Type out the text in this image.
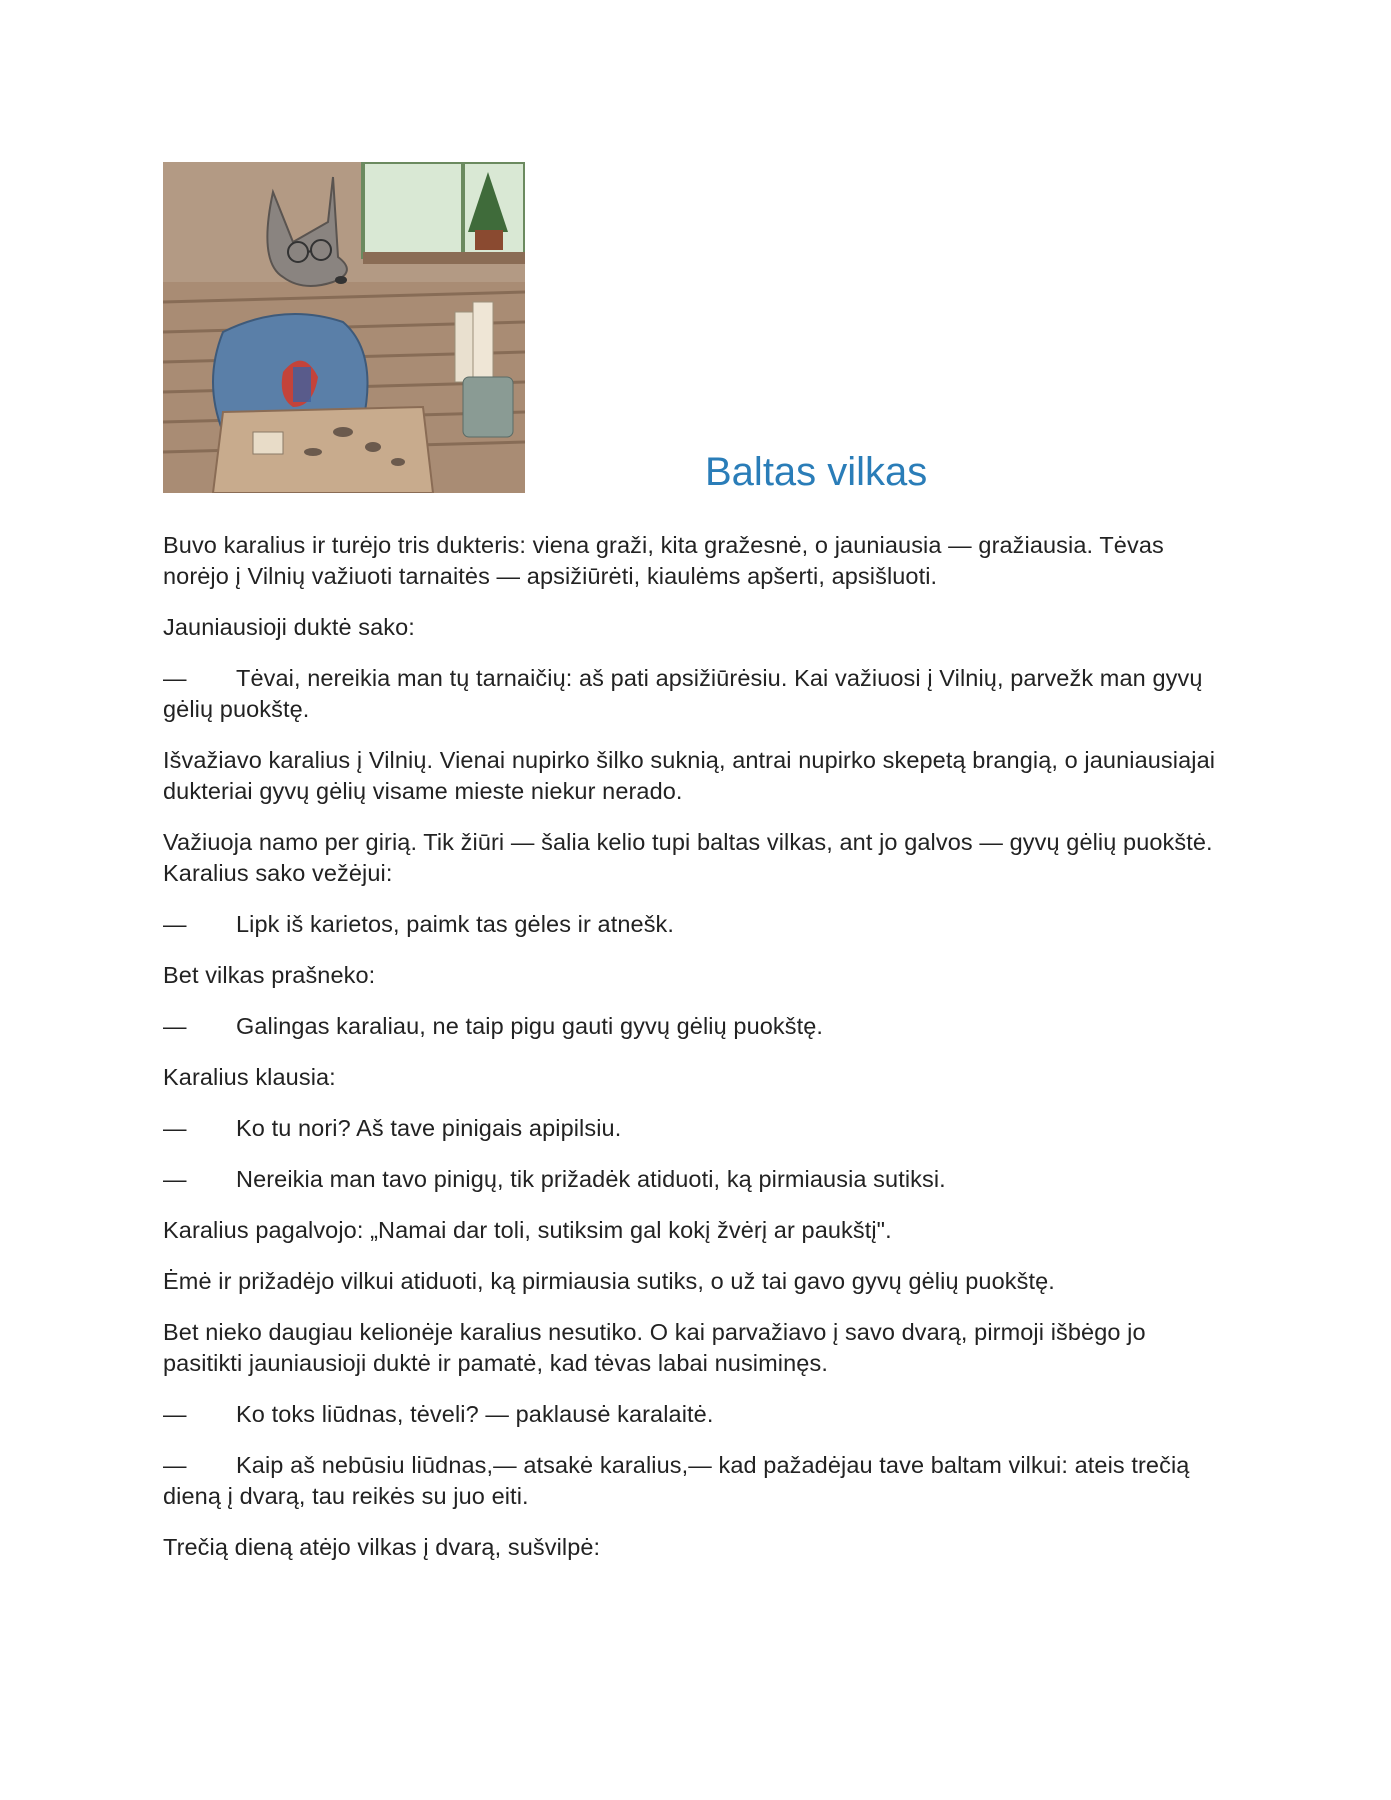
Baltas vilkas

Buvo karalius ir turėjo tris dukteris: viena graži, kita gražesnė, o jauniausia — gražiausia. Tėvas norėjo į Vilnių važiuoti tarnaitės — apsižiūrėti, kiaulėms apšerti, apsišluoti.

Jauniausioji duktė sako:

— Tėvai, nereikia man tų tarnaičių: aš pati apsižiūrėsiu. Kai važiuosi į Vilnių, parvežk man gyvų gėlių puokštę.

Išvažiavo karalius į Vilnių. Vienai nupirko šilko suknią, antrai nupirko skepetą brangią, o jauniausiajai dukteriai gyvų gėlių visame mieste niekur nerado.

Važiuoja namo per girią. Tik žiūri — šalia kelio tupi baltas vilkas, ant jo galvos — gyvų gėlių puokštė. Karalius sako vežėjui:

— Lipk iš karietos, paimk tas gėles ir atnešk.

Bet vilkas prašneko:

— Galingas karaliau, ne taip pigu gauti gyvų gėlių puokštę.

Karalius klausia:

— Ko tu nori? Aš tave pinigais apipilsiu.

— Nereikia man tavo pinigų, tik prižadėk atiduoti, ką pirmiausia sutiksi.

Karalius pagalvojo: „Namai dar toli, sutiksim gal kokį žvėrį ar paukštį".

Ėmė ir prižadėjo vilkui atiduoti, ką pirmiausia sutiks, o už tai gavo gyvų gėlių puokštę.

Bet nieko daugiau kelionėje karalius nesutiko. O kai parvažiavo į savo dvarą, pirmoji išbėgo jo pasitikti jauniausioji duktė ir pamatė, kad tėvas labai nusiminęs.

— Ko toks liūdnas, tėveli? — paklausė karalaitė.

— Kaip aš nebūsiu liūdnas,— atsakė karalius,— kad pažadėjau tave baltam vilkui: ateis trečią dieną į dvarą, tau reikės su juo eiti.

Trečią dieną atėjo vilkas į dvarą, sušvilpė:
